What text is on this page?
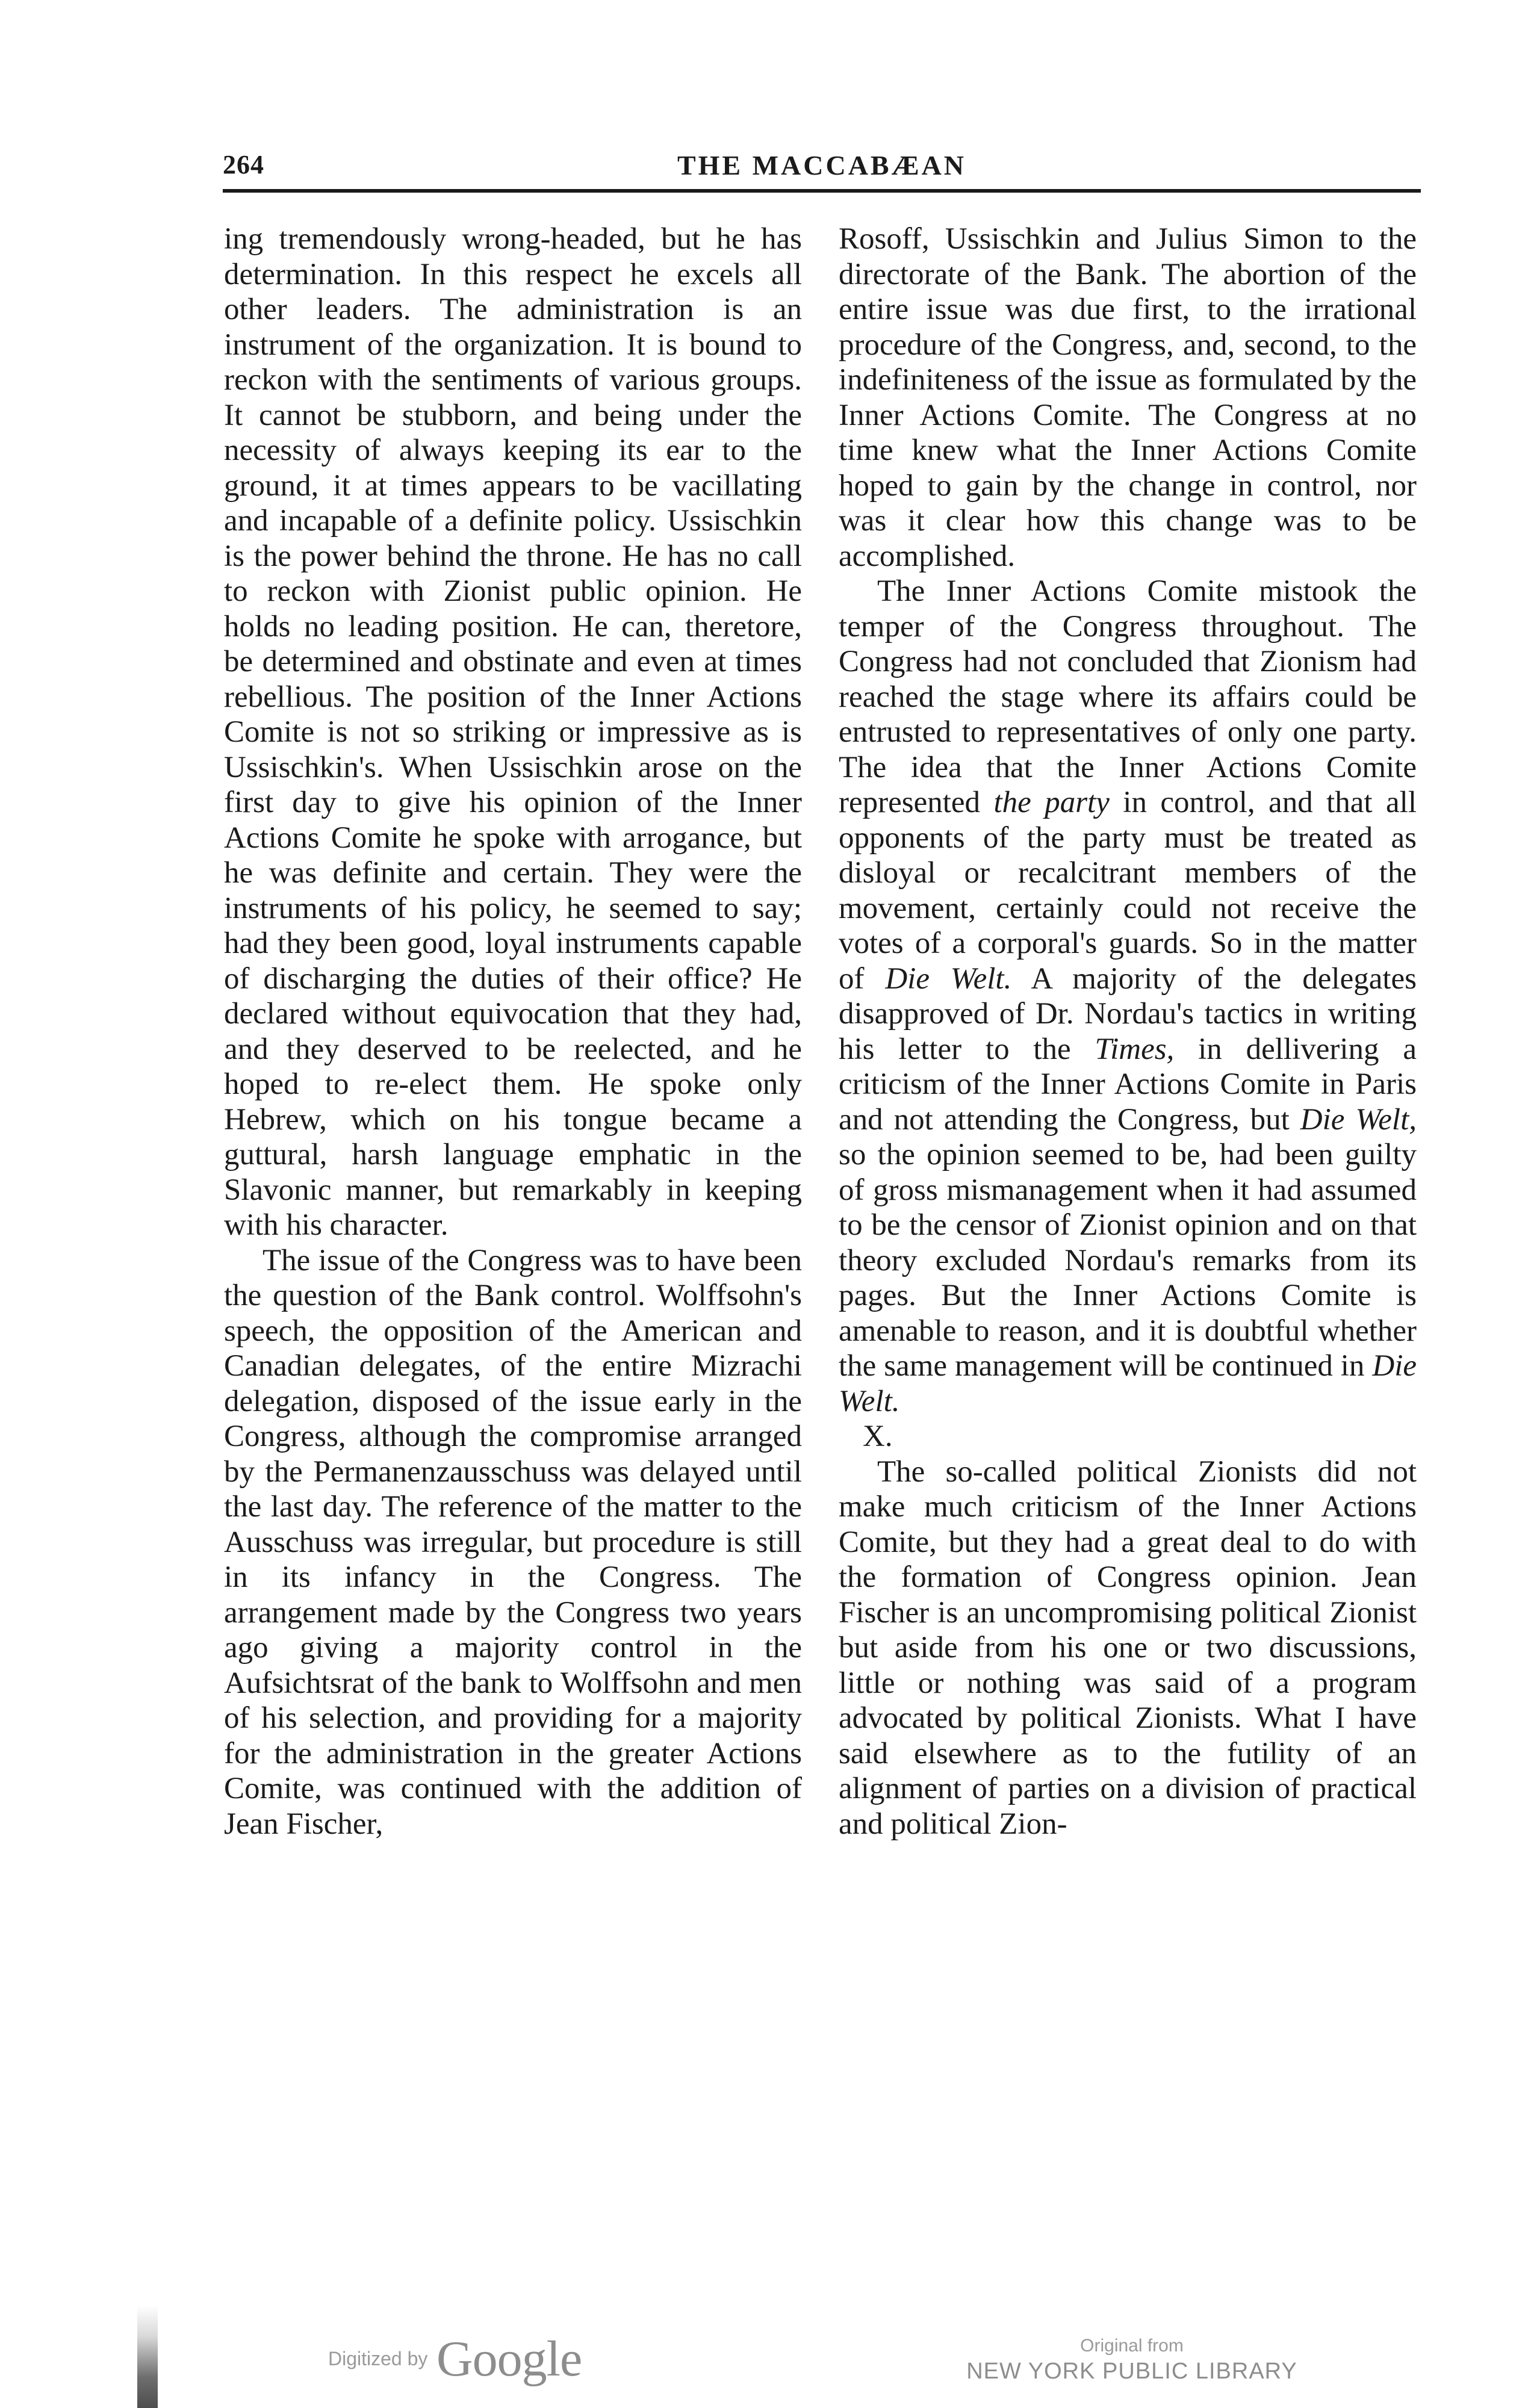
264	THE MACCABÆAN

ing tremendously wrong-headed, but he has determination. In this respect he excels all other leaders. The administration is an instrument of the organization. It is bound to reckon with the sentiments of various groups. It cannot be stubborn, and being under the necessity of always keeping its ear to the ground, it at times appears to be vacillating and incapable of a definite policy. Ussischkin is the power behind the throne. He has no call to reckon with Zionist public opinion. He holds no leading position. He can, theretore, be determined and obstinate and even at times rebellious. The position of the Inner Actions Comite is not so striking or impressive as is Ussischkin's. When Ussischkin arose on the first day to give his opinion of the Inner Actions Comite he spoke with arrogance, but he was definite and certain. They were the instruments of his policy, he seemed to say; had they been good, loyal instruments capable of discharging the duties of their office? He declared without equivocation that they had, and they deserved to be reelected, and he hoped to re-elect them. He spoke only Hebrew, which on his tongue became a guttural, harsh language emphatic in the Slavonic manner, but remarkably in keeping with his character.

The issue of the Congress was to have been the question of the Bank control. Wolffsohn's speech, the opposition of the American and Canadian delegates, of the entire Mizrachi delegation, disposed of the issue early in the Congress, although the compromise arranged by the Permanenzausschuss was delayed until the last day. The reference of the matter to the Ausschuss was irregular, but procedure is still in its infancy in the Congress. The arrangement made by the Congress two years ago giving a majority control in the Aufsichtsrat of the bank to Wolffsohn and men of his selection, and providing for a majority for the administration in the greater Actions Comite, was continued with the addition of Jean Fischer,

Rosoff, Ussischkin and Julius Simon to the directorate of the Bank. The abortion of the entire issue was due first, to the irrational procedure of the Congress, and, second, to the indefiniteness of the issue as formulated by the Inner Actions Comite. The Congress at no time knew what the Inner Actions Comite hoped to gain by the change in control, nor was it clear how this change was to be accomplished.

The Inner Actions Comite mistook the temper of the Congress throughout. The Congress had not concluded that Zionism had reached the stage where its affairs could be entrusted to representatives of only one party. The idea that the Inner Actions Comite represented the party in control, and that all opponents of the party must be treated as disloyal or recalcitrant members of the movement, certainly could not receive the votes of a corporal's guards. So in the matter of Die Welt. A majority of the delegates disapproved of Dr. Nordau's tactics in writing his letter to the Times, in dellivering a criticism of the Inner Actions Comite in Paris and not attending the Congress, but Die Welt, so the opinion seemed to be, had been guilty of gross mismanagement when it had assumed to be the censor of Zionist opinion and on that theory excluded Nordau's remarks from its pages. But the Inner Actions Comite is amenable to reason, and it is doubtful whether the same management will be continued in Die Welt.

X.

The so-called political Zionists did not make much criticism of the Inner Actions Comite, but they had a great deal to do with the formation of Congress opinion. Jean Fischer is an uncompromising political Zionist but aside from his one or two discussions, little or nothing was said of a program advocated by political Zionists. What I have said elsewhere as to the futility of an alignment of parties on a division of practical and political Zion-

Digitized by Google	Original from
NEW YORK PUBLIC LIBRARY
